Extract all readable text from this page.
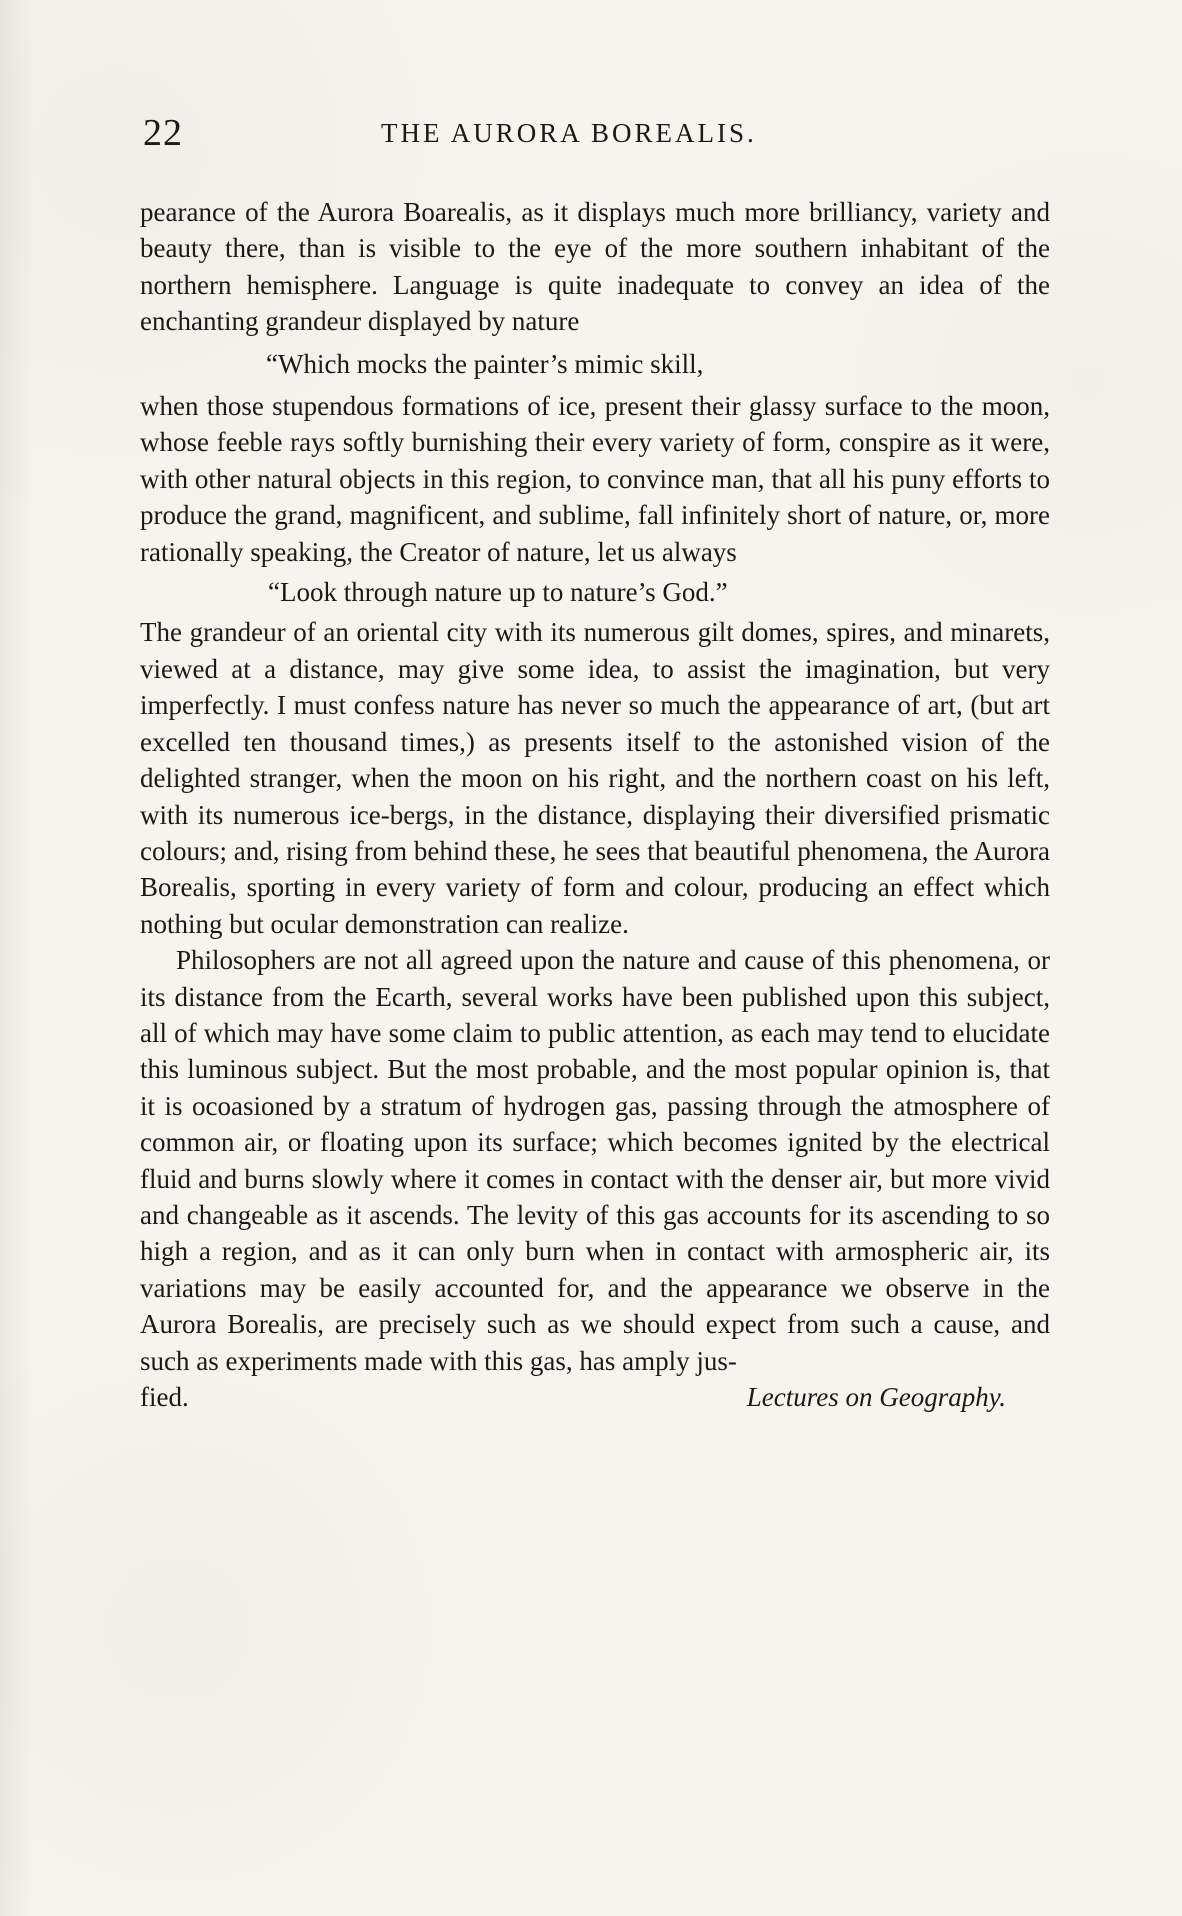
22	THE AURORA BOREALIS.

pearance of the Aurora Boarealis, as it displays much more brilliancy, variety and beauty there, than is visible to the eye of the more southern inhabitant of the northern hemisphere. Language is quite inadequate to convey an idea of the enchanting grandeur displayed by nature

“Which mocks the painter’s mimic skill,

when those stupendous formations of ice, present their glassy surface to the moon, whose feeble rays softly burnishing their every variety of form, conspire as it were, with other natural objects in this region, to convince man, that all his puny efforts to produce the grand, magnificent, and sublime, fall infinitely short of nature, or, more rationally speaking, the Creator of nature, let us always

“Look through nature up to nature’s God.”

The grandeur of an oriental city with its numerous gilt domes, spires, and minarets, viewed at a distance, may give some idea, to assist the imagination, but very imperfectly. I must confess nature has never so much the appearance of art, (but art excelled ten thousand times,) as presents itself to the astonished vision of the delighted stranger, when the moon on his right, and the northern coast on his left, with its numerous ice-bergs, in the distance, displaying their diversified prismatic colours; and, rising from behind these, he sees that beautiful phenomena, the Aurora Borealis, sporting in every variety of form and colour, producing an effect which nothing but ocular demonstration can realize.

Philosophers are not all agreed upon the nature and cause of this phenomena, or its distance from the Ecarth, several works have been published upon this subject, all of which may have some claim to public attention, as each may tend to elucidate this luminous subject. But the most probable, and the most popular opinion is, that it is ocoasioned by a stratum of hydrogen gas, passing through the atmosphere of common air, or floating upon its surface; which becomes ignited by the electrical fluid and burns slowly where it comes in contact with the denser air, but more vivid and changeable as it ascends. The levity of this gas accounts for its ascending to so high a region, and as it can only burn when in contact with armospheric air, its variations may be easily accounted for, and the appearance we observe in the Aurora Borealis, are precisely such as we should expect from such a cause, and such as experiments made with this gas, has amply jus-

fied.	Lectures on Geography.
